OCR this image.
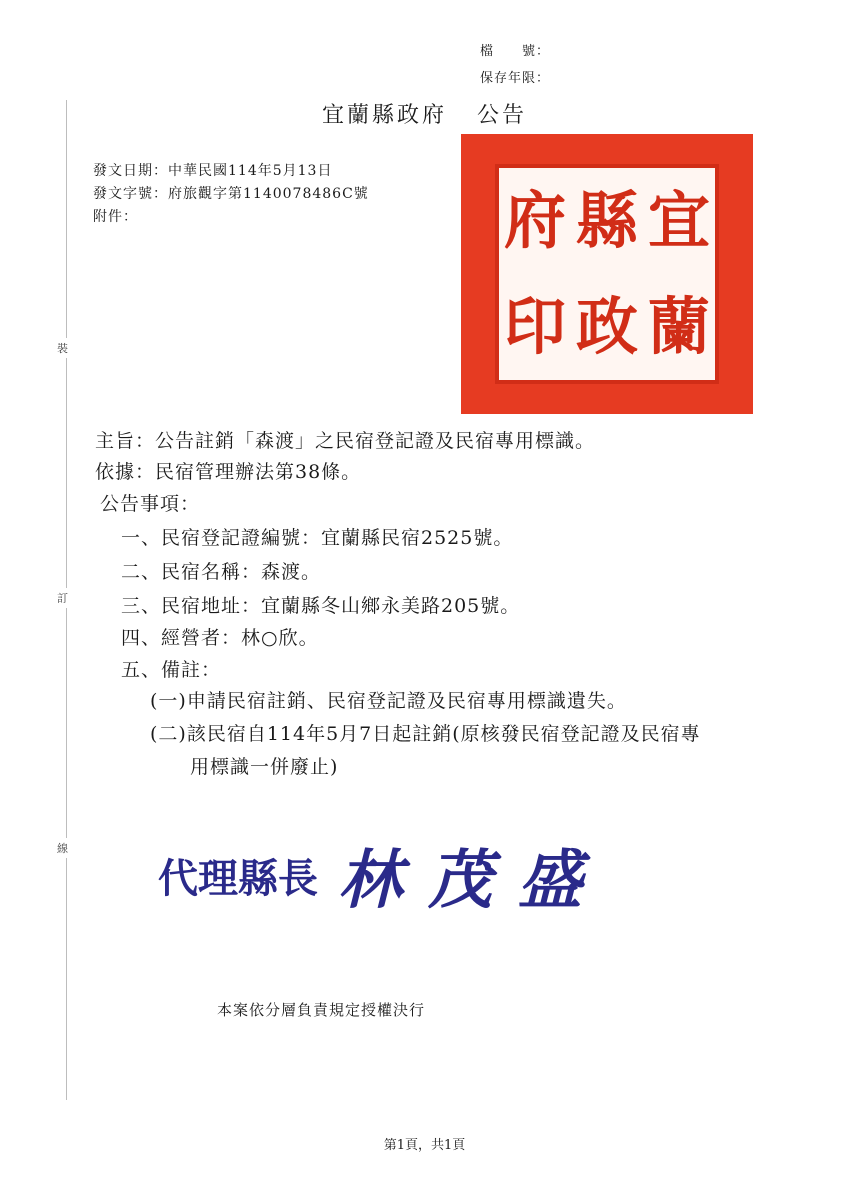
檔　　號：
保存年限：
裝
訂
線
宜蘭縣政府 公告
發文日期：中華民國114年5月13日
發文字號：府旅觀字第1140078486C號
附件：	宜
縣
府
蘭
政
印
主旨：公告註銷「森渡」之民宿登記證及民宿專用標識。
依據：民宿管理辦法第38條。
公告事項：
一、民宿登記證編號：宜蘭縣民宿2525號。
二、民宿名稱：森渡。
三、民宿地址：宜蘭縣冬山鄉永美路205號。
四、經營者：林○欣。
五、備註：
(一)申請民宿註銷、民宿登記證及民宿專用標識遺失。
(二)該民宿自114年5月7日起註銷(原核發民宿登記證及民宿專
用標識一併廢止)
代理縣長 林茂盛
本案依分層負責規定授權決行
第1頁，共1頁
